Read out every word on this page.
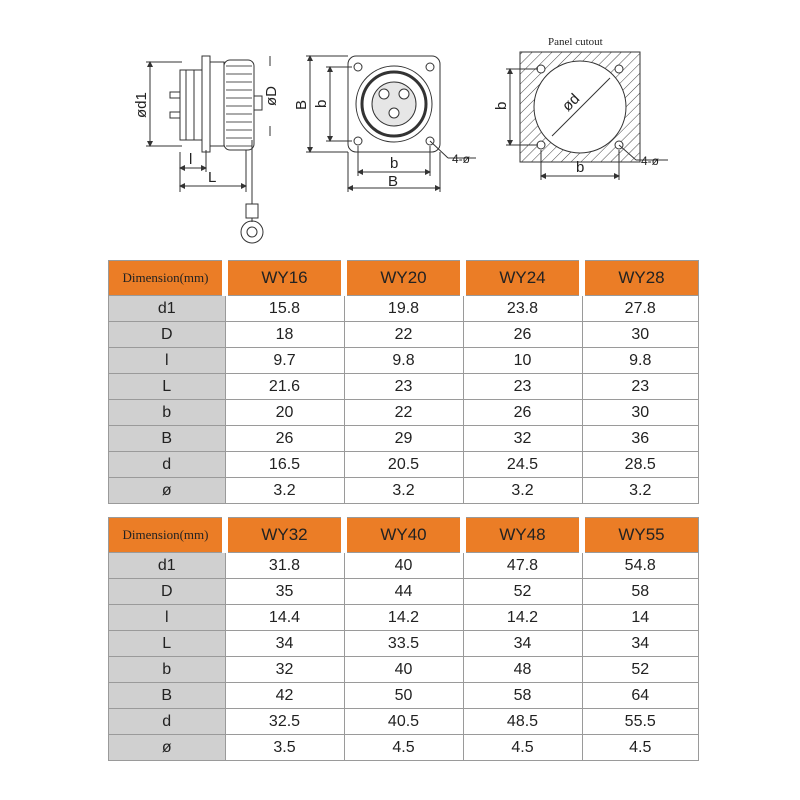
ød1	øD
l
L
B b
b
B
4-ø
Panel cutout
b	ød
b	4-ø
Dimension(mm)	WY16	WY20	WY24	WY28
d1	15.8	19.8	23.8	27.8
D	18	22	26	30
l	9.7	9.8	10	9.8
L	21.6	23	23	23
b	20	22	26	30
B	26	29	32	36
d	16.5	20.5	24.5	28.5
ø	3.2	3.2	3.2	3.2
Dimension(mm)	WY32	WY40	WY48	WY55
d1	31.8	40	47.8	54.8
D	35	44	52	58
l	14.4	14.2	14.2	14
L	34	33.5	34	34
b	32	40	48	52
B	42	50	58	64
d	32.5	40.5	48.5	55.5
ø	3.5	4.5	4.5	4.5
